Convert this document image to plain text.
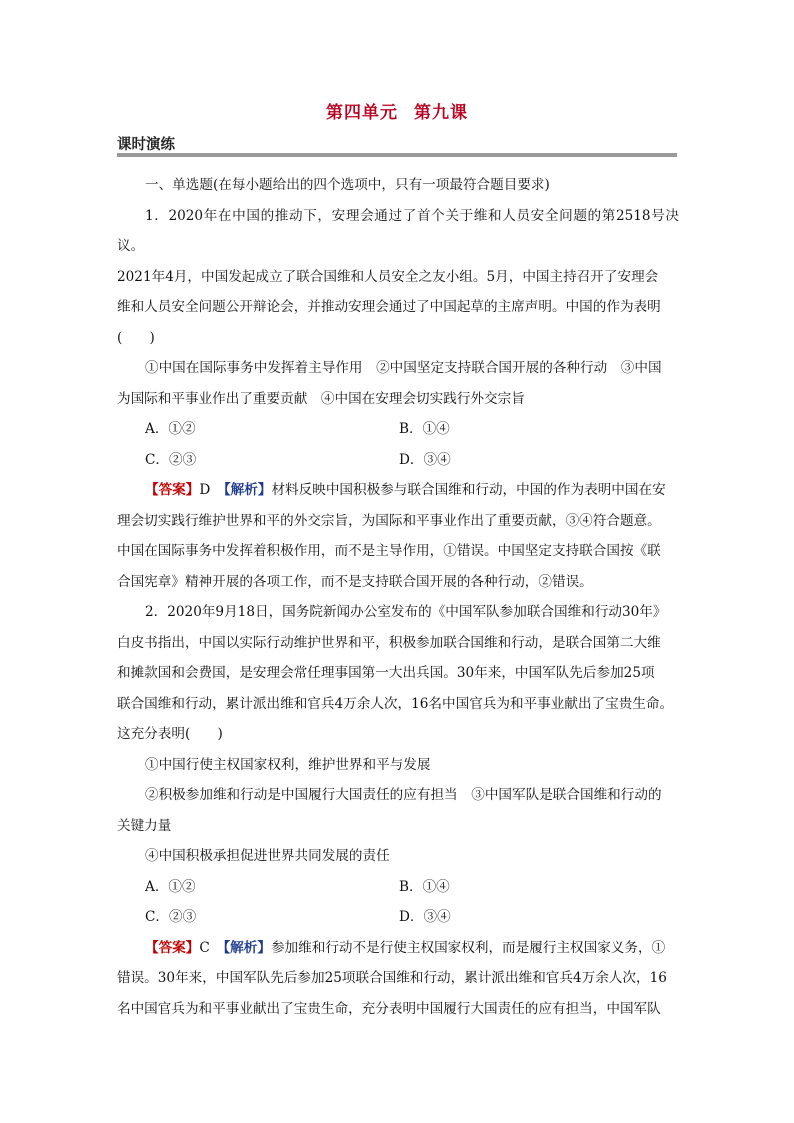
第四单元 第九课
课时演练

一、单选题(在每小题给出的四个选项中，只有一项最符合题目要求)

1．2020年在中国的推动下，安理会通过了首个关于维和人员安全问题的第2518号决议。

2021年4月，中国发起成立了联合国维和人员安全之友小组。5月，中国主持召开了安理会

维和人员安全问题公开辩论会，并推动安理会通过了中国起草的主席声明。中国的作为表明

(　　)

①中国在国际事务中发挥着主导作用　②中国坚定支持联合国开展的各种行动　③中国

为国际和平事业作出了重要贡献　④中国在安理会切实践行外交宗旨

A．①②	B．①④
C．②③	D．③④

【答案】D　 【解析】材料反映中国积极参与联合国维和行动，中国的作为表明中国在安

理会切实践行维护世界和平的外交宗旨，为国际和平事业作出了重要贡献，③④符合题意。

中国在国际事务中发挥着积极作用，而不是主导作用，①错误。中国坚定支持联合国按《联

合国宪章》精神开展的各项工作，而不是支持联合国开展的各种行动，②错误。

2．2020年9月18日，国务院新闻办公室发布的《中国军队参加联合国维和行动30年》

白皮书指出，中国以实际行动维护世界和平，积极参加联合国维和行动，是联合国第二大维

和摊款国和会费国，是安理会常任理事国第一大出兵国。30年来，中国军队先后参加25项

联合国维和行动，累计派出维和官兵4万余人次，16名中国官兵为和平事业献出了宝贵生命。

这充分表明(　　)

①中国行使主权国家权利，维护世界和平与发展

②积极参加维和行动是中国履行大国责任的应有担当　③中国军队是联合国维和行动的

关键力量

④中国积极承担促进世界共同发展的责任

A．①②	B．①④
C．②③	D．③④

【答案】C　 【解析】参加维和行动不是行使主权国家权利，而是履行主权国家义务，①

错误。30年来，中国军队先后参加25项联合国维和行动，累计派出维和官兵4万余人次，16

名中国官兵为和平事业献出了宝贵生命，充分表明中国履行大国责任的应有担当，中国军队
